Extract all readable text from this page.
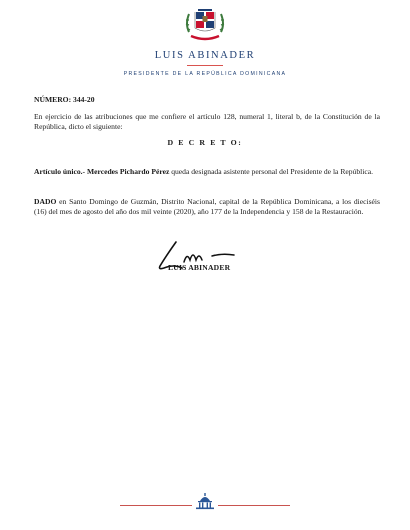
LUIS ABINADER
PRESIDENTE DE LA REPÚBLICA DOMINICANA
NÚMERO: 344-20
En ejercicio de las atribuciones que me confiere el artículo 128, numeral 1, literal b, de la Constitución de la República, dicto el siguiente:
D E C R E T O:
Artículo único.- Mercedes Pichardo Pérez queda designada asistente personal del Presidente de la República.
DADO en Santo Domingo de Guzmán, Distrito Nacional, capital de la República Dominicana, a los dieciséis (16) del mes de agosto del año dos mil veinte (2020), año 177 de la Independencia y 158 de la Restauración.
LUIS ABINADER
